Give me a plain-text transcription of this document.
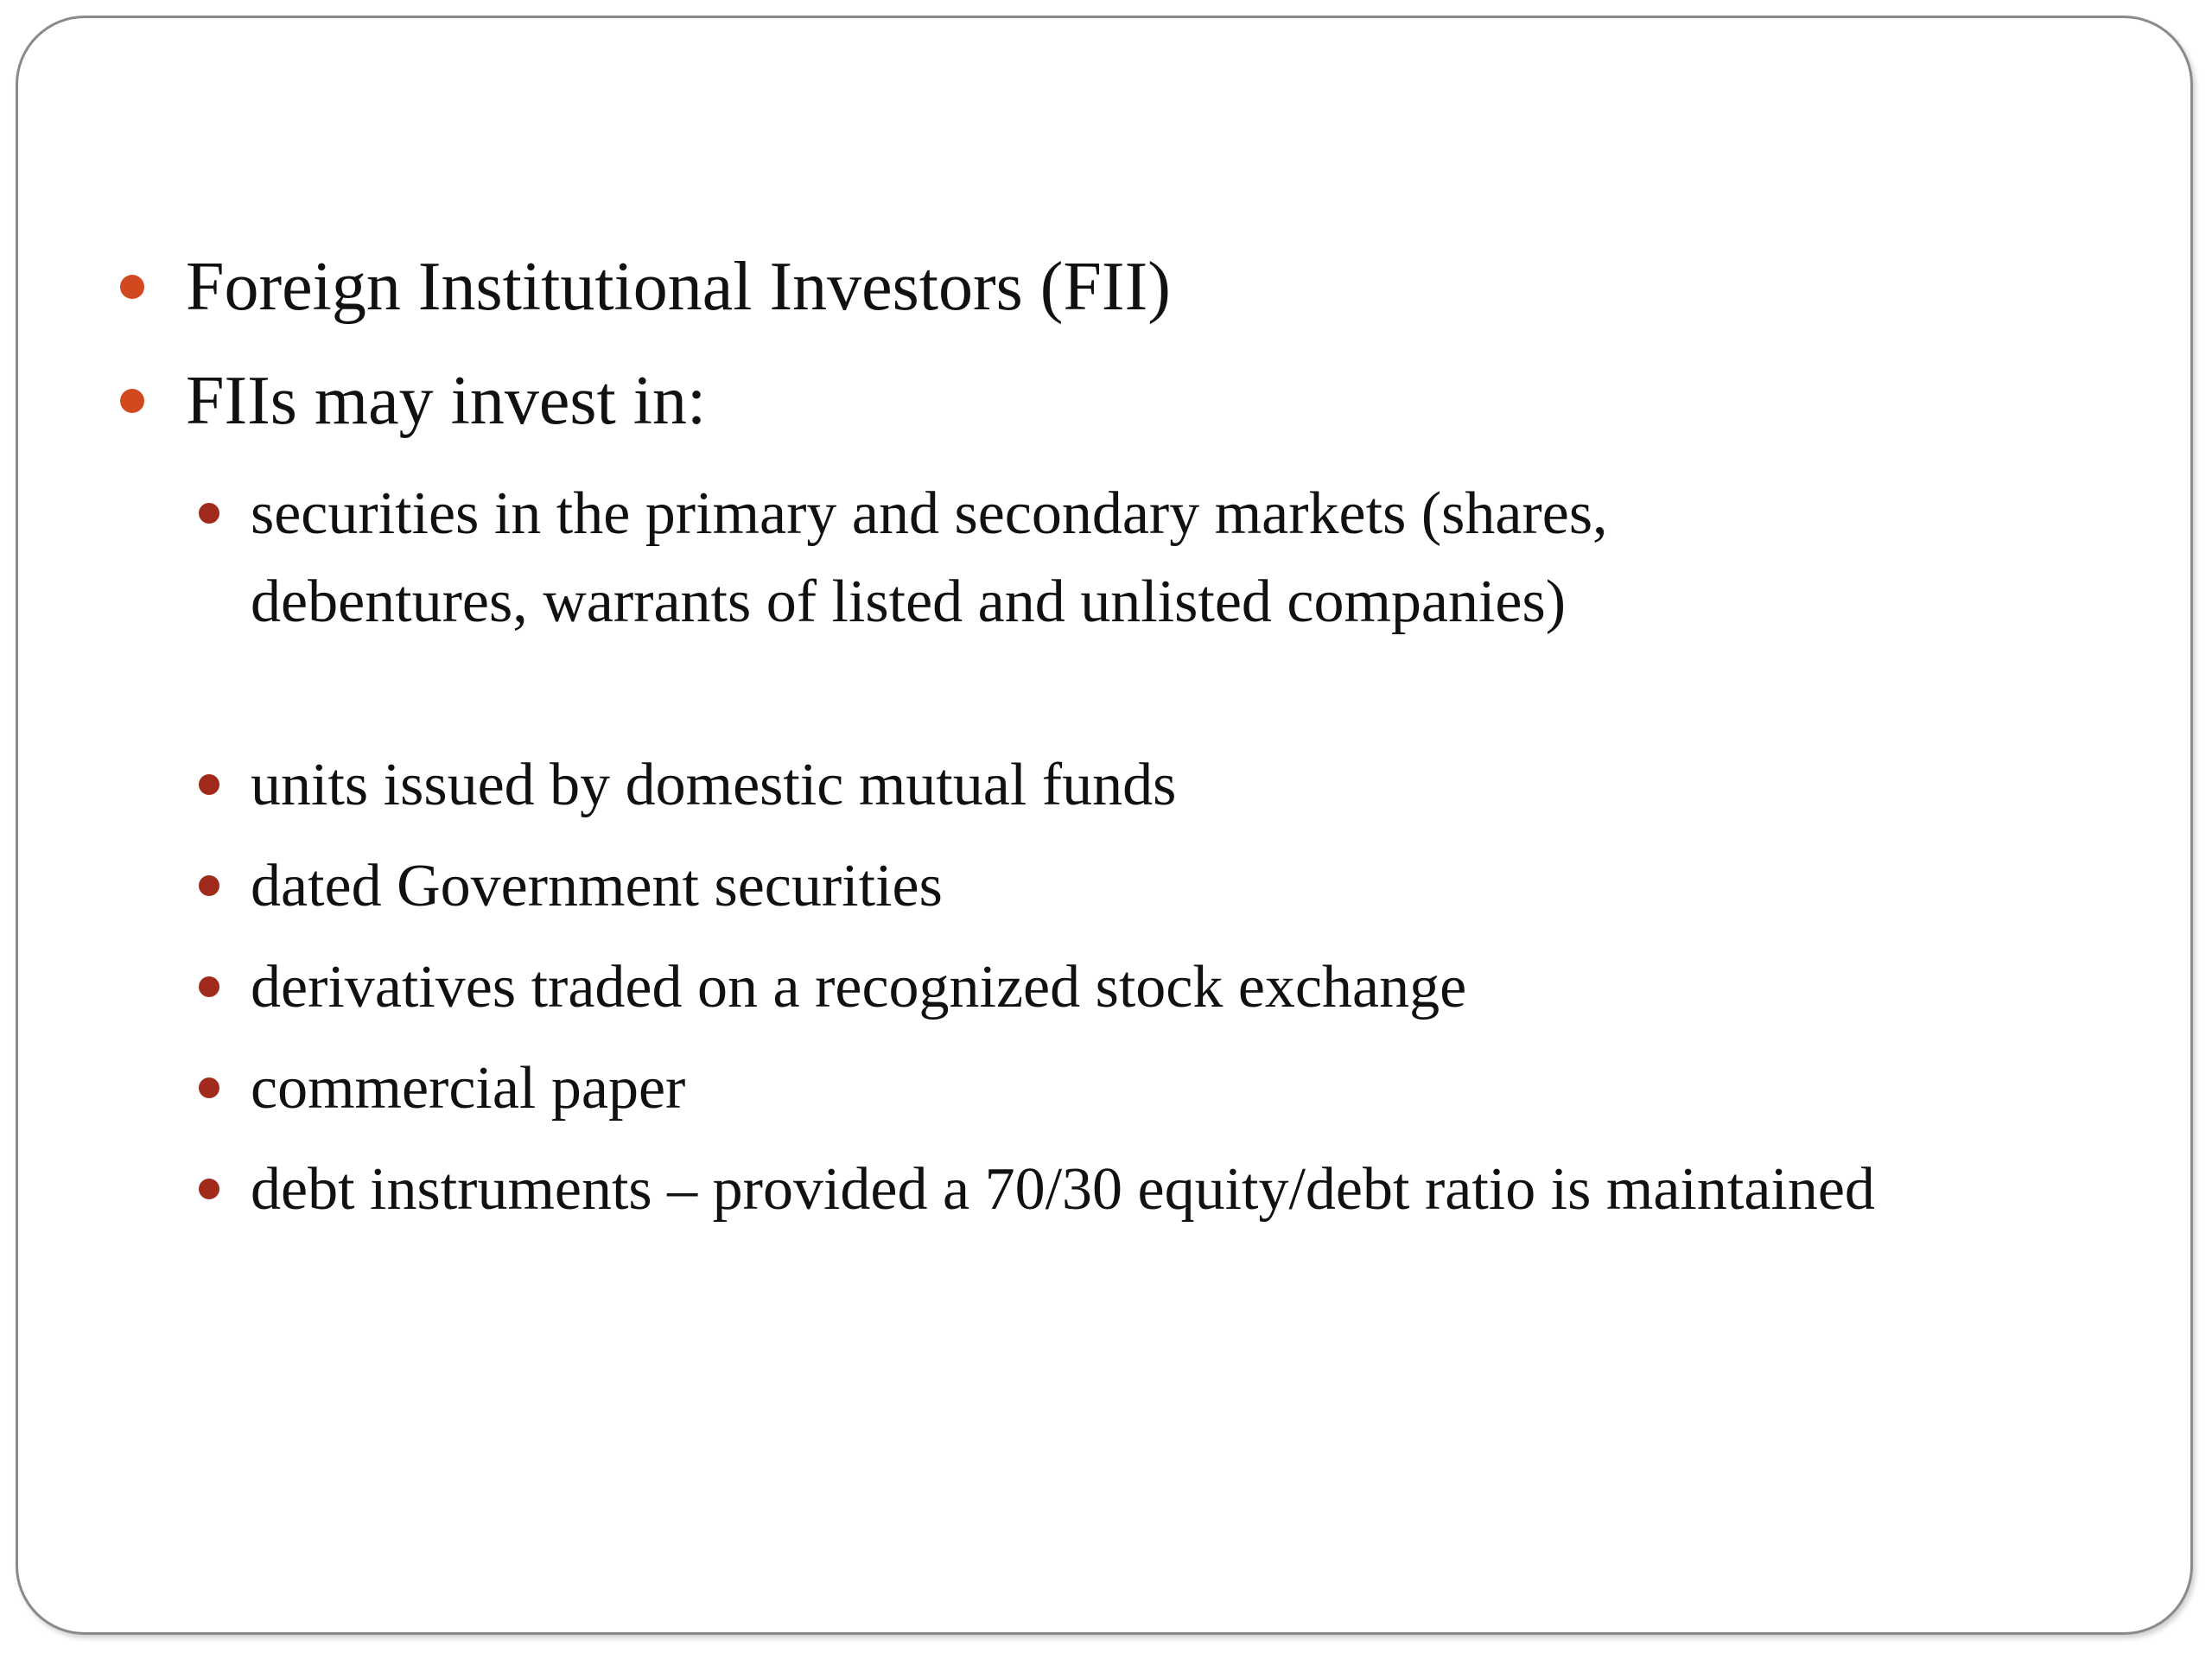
Foreign Institutional Investors (FII)
FIIs may invest in:
securities in the primary and secondary markets (shares, debentures, warrants of listed and unlisted companies)
units issued by domestic mutual funds
dated Government securities
derivatives traded on a recognized stock exchange
commercial paper
debt instruments – provided a 70/30 equity/debt ratio is maintained
